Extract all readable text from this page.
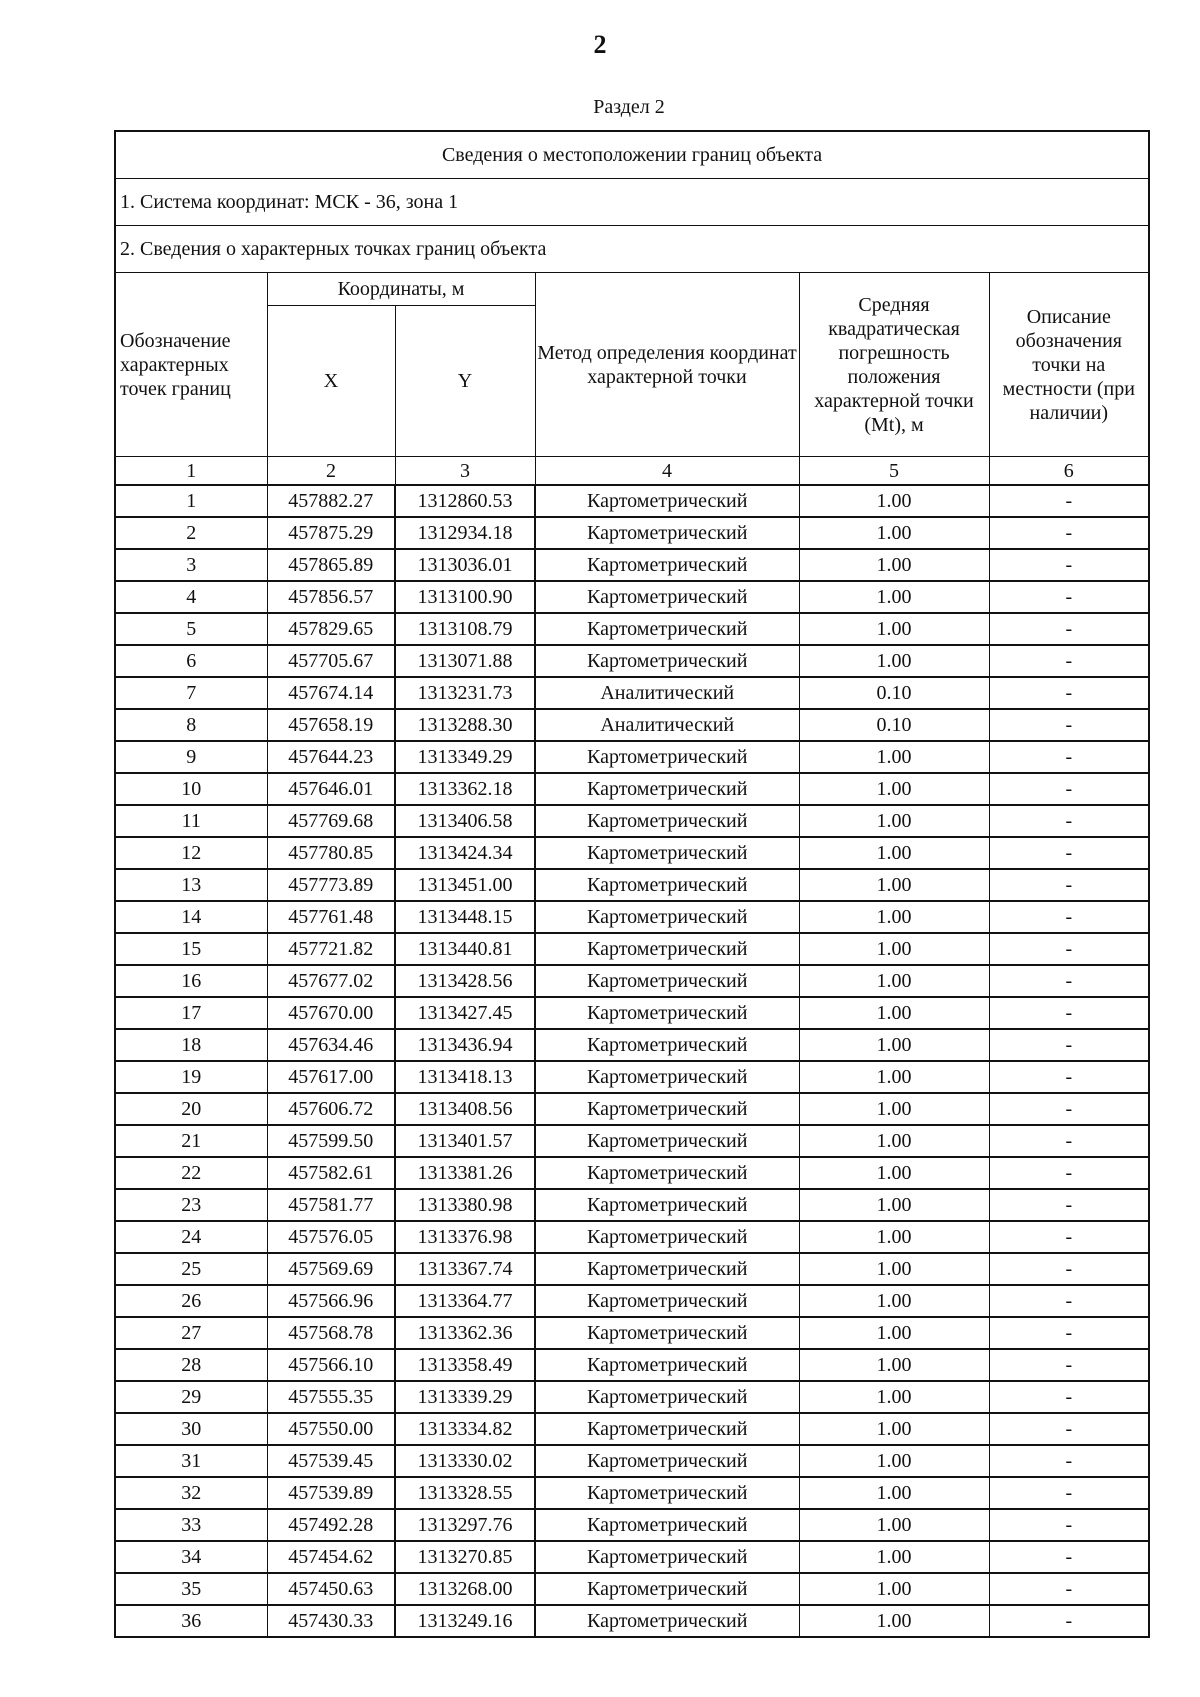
2
Раздел 2
Сведения о местоположении границ объекта					
1. Система координат: МСК - 36, зона 1					
2. Сведения о характерных точках границ объекта					
Обозначение характерных точек границ	Координаты, м		Метод определения координат характерной точки	Средняя квадратическая погрешность положения характерной точки (Mt), м	Описание обозначения точки на местности (при наличии)
	X	Y			
1	2	3	4	5	6
1	457882.27	1312860.53	Картометрический	1.00	-
2	457875.29	1312934.18	Картометрический	1.00	-
3	457865.89	1313036.01	Картометрический	1.00	-
4	457856.57	1313100.90	Картометрический	1.00	-
5	457829.65	1313108.79	Картометрический	1.00	-
6	457705.67	1313071.88	Картометрический	1.00	-
7	457674.14	1313231.73	Аналитический	0.10	-
8	457658.19	1313288.30	Аналитический	0.10	-
9	457644.23	1313349.29	Картометрический	1.00	-
10	457646.01	1313362.18	Картометрический	1.00	-
11	457769.68	1313406.58	Картометрический	1.00	-
12	457780.85	1313424.34	Картометрический	1.00	-
13	457773.89	1313451.00	Картометрический	1.00	-
14	457761.48	1313448.15	Картометрический	1.00	-
15	457721.82	1313440.81	Картометрический	1.00	-
16	457677.02	1313428.56	Картометрический	1.00	-
17	457670.00	1313427.45	Картометрический	1.00	-
18	457634.46	1313436.94	Картометрический	1.00	-
19	457617.00	1313418.13	Картометрический	1.00	-
20	457606.72	1313408.56	Картометрический	1.00	-
21	457599.50	1313401.57	Картометрический	1.00	-
22	457582.61	1313381.26	Картометрический	1.00	-
23	457581.77	1313380.98	Картометрический	1.00	-
24	457576.05	1313376.98	Картометрический	1.00	-
25	457569.69	1313367.74	Картометрический	1.00	-
26	457566.96	1313364.77	Картометрический	1.00	-
27	457568.78	1313362.36	Картометрический	1.00	-
28	457566.10	1313358.49	Картометрический	1.00	-
29	457555.35	1313339.29	Картометрический	1.00	-
30	457550.00	1313334.82	Картометрический	1.00	-
31	457539.45	1313330.02	Картометрический	1.00	-
32	457539.89	1313328.55	Картометрический	1.00	-
33	457492.28	1313297.76	Картометрический	1.00	-
34	457454.62	1313270.85	Картометрический	1.00	-
35	457450.63	1313268.00	Картометрический	1.00	-
36	457430.33	1313249.16	Картометрический	1.00	-
